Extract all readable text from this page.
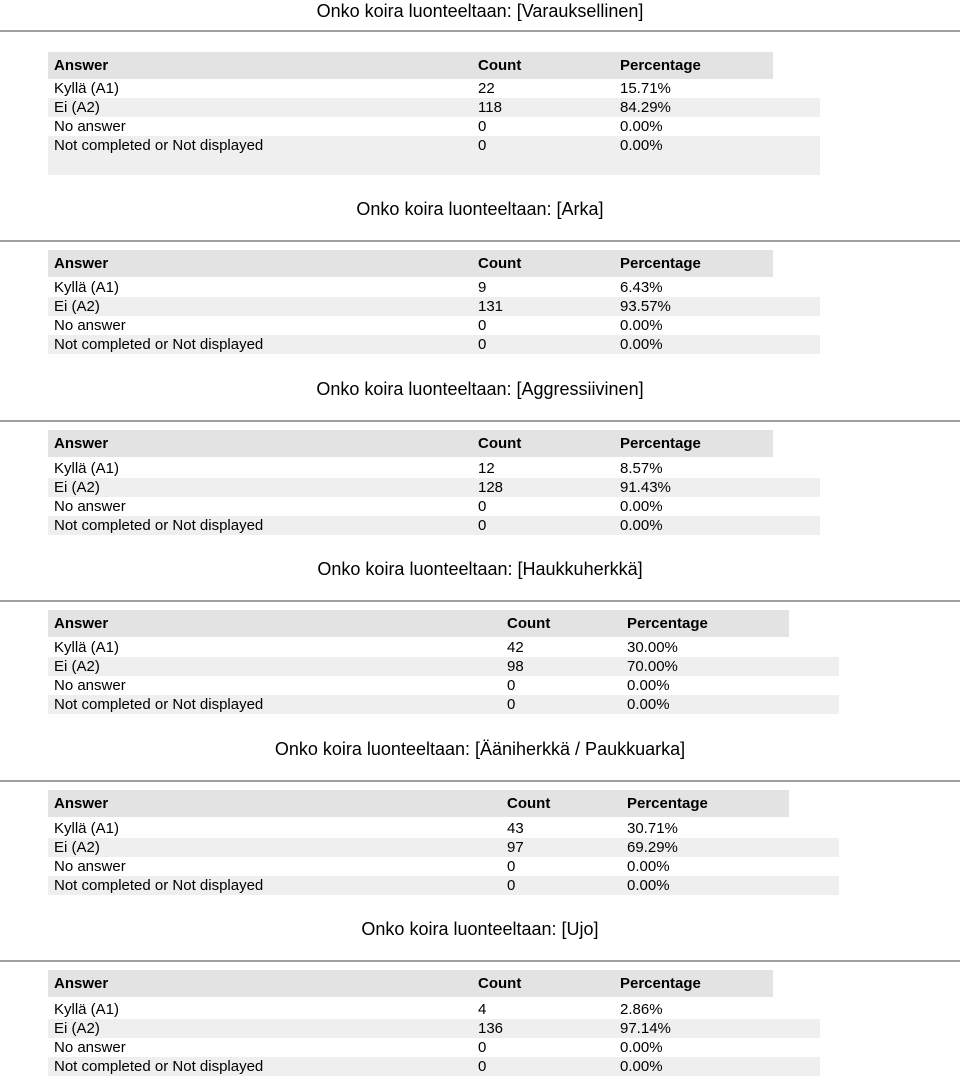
Onko koira luonteeltaan: [Varauksellinen]
Answer	Count	Percentage
Kyllä (A1)	22	15.71%
Ei (A2)	118	84.29%
No answer	0	0.00%
Not completed or Not displayed	0	0.00%
Onko koira luonteeltaan: [Arka]
Answer	Count	Percentage
Kyllä (A1)	9	6.43%
Ei (A2)	131	93.57%
No answer	0	0.00%
Not completed or Not displayed	0	0.00%
Onko koira luonteeltaan: [Aggressiivinen]
Answer	Count	Percentage
Kyllä (A1)	12	8.57%
Ei (A2)	128	91.43%
No answer	0	0.00%
Not completed or Not displayed	0	0.00%
Onko koira luonteeltaan: [Haukkuherkkä]
Answer	Count	Percentage
Kyllä (A1)	42	30.00%
Ei (A2)	98	70.00%
No answer	0	0.00%
Not completed or Not displayed	0	0.00%
Onko koira luonteeltaan: [Ääniherkkä / Paukkuarka]
Answer	Count	Percentage
Kyllä (A1)	43	30.71%
Ei (A2)	97	69.29%
No answer	0	0.00%
Not completed or Not displayed	0	0.00%
Onko koira luonteeltaan: [Ujo]
Answer	Count	Percentage
Kyllä (A1)	4	2.86%
Ei (A2)	136	97.14%
No answer	0	0.00%
Not completed or Not displayed	0	0.00%
